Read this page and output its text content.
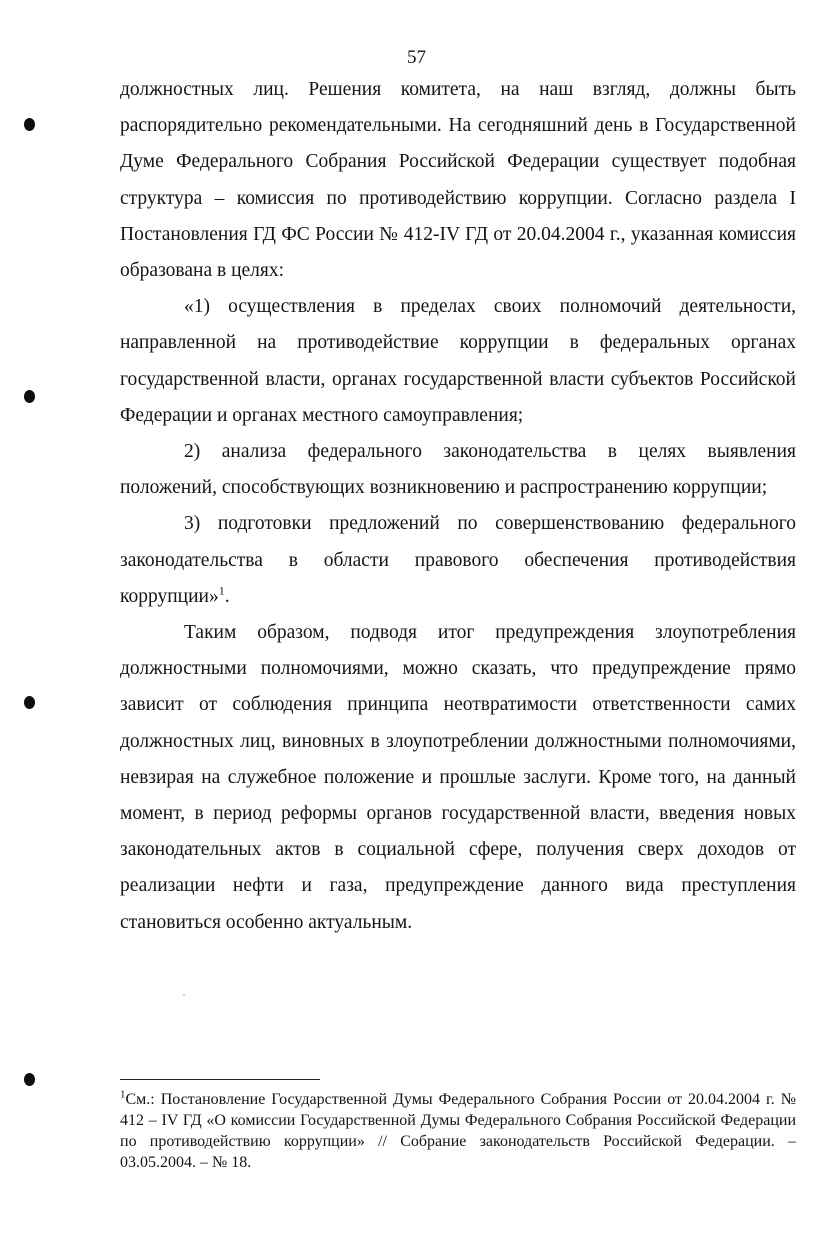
57

должностных лиц. Решения комитета, на наш взгляд, должны быть распорядительно рекомендательными. На сегодняшний день в Государственной Думе Федерального Собрания Российской Федерации существует подобная структура – комиссия по противодействию коррупции. Согласно раздела I Постановления ГД ФС России № 412-IV ГД от 20.04.2004 г., указанная комиссия образована в целях:

«1) осуществления в пределах своих полномочий деятельности, направленной на противодействие коррупции в федеральных органах государственной власти, органах государственной власти субъектов Российской Федерации и органах местного самоуправления;

2) анализа федерального законодательства в целях выявления положений, способствующих возникновению и распространению коррупции;

3) подготовки предложений по совершенствованию федерального законодательства в области правового обеспечения противодействия коррупции»$^1$.

Таким образом, подводя итог предупреждения злоупотребления должностными полномочиями, можно сказать, что предупреждение прямо зависит от соблюдения принципа неотвратимости ответственности самих должностных лиц, виновных в злоупотреблении должностными полномочиями, невзирая на служебное положение и прошлые заслуги. Кроме того, на данный момент, в период реформы органов государственной власти, введения новых законодательных актов в социальной сфере, получения сверх доходов от реализации нефти и газа, предупреждение данного вида преступления становиться особенно актуальным.

$^1$См.: Постановление Государственной Думы Федерального Собрания России от 20.04.2004 г. № 412 – IV ГД «О комиссии Государственной Думы Федерального Собрания Российской Федерации по противодействию коррупции» // Собрание законодательств Российской Федерации. – 03.05.2004. – № 18.
